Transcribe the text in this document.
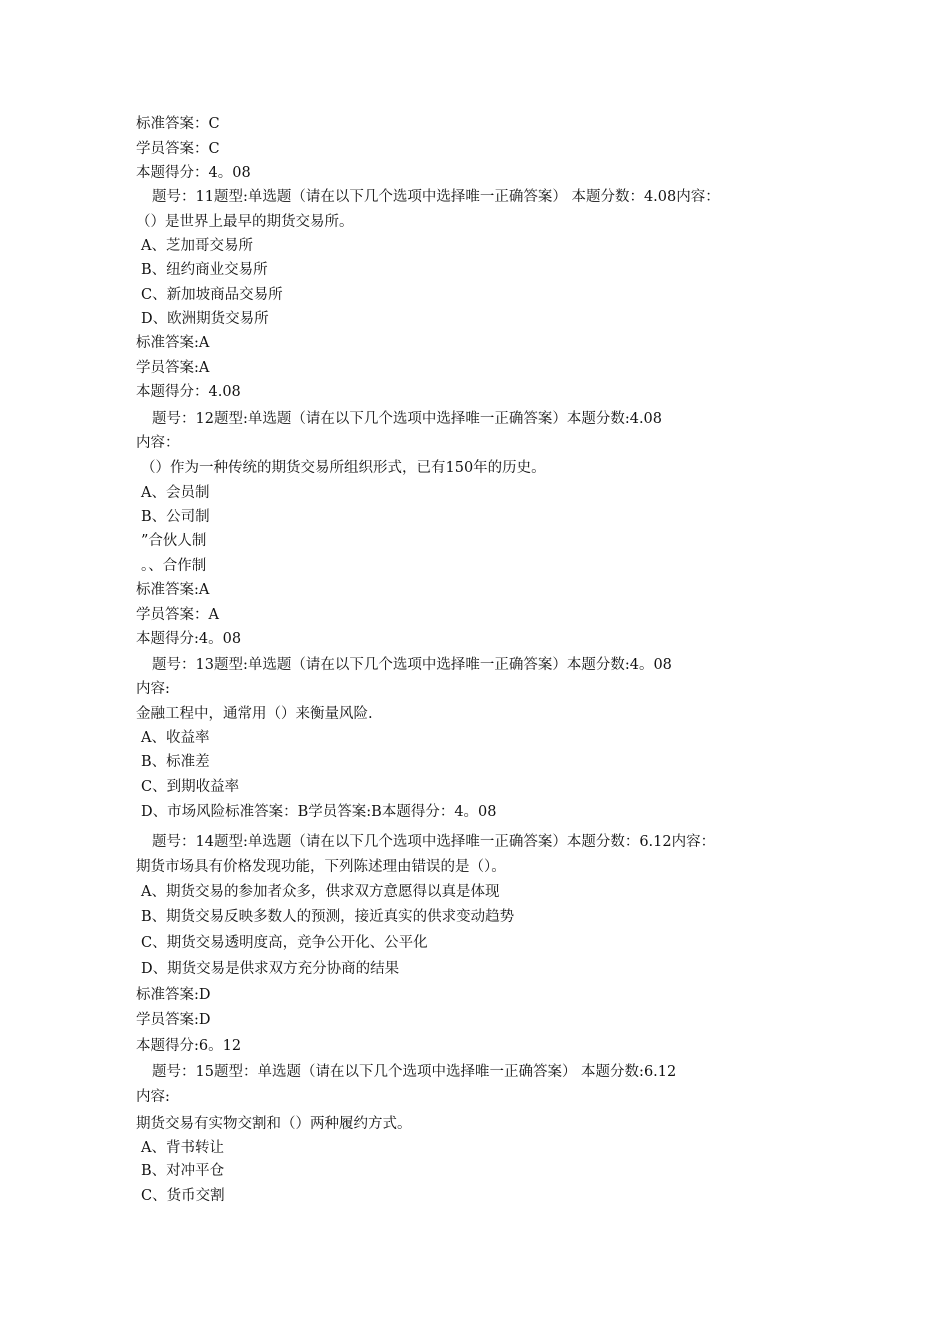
标准答案：C
学员答案：C
本题得分：4。08
题号：11题型:单选题（请在以下几个选项中选择唯一正确答案） 本题分数：4.08内容：
（）是世界上最早的期货交易所。
A、芝加哥交易所
B、纽约商业交易所
C、新加坡商品交易所
D、欧洲期货交易所
标准答案:A
学员答案:A
本题得分：4.08
题号：12题型:单选题（请在以下几个选项中选择唯一正确答案）本题分数:4.08
内容：
（）作为一种传统的期货交易所组织形式，已有150年的历史。
A、会员制
B、公司制
”合伙人制
。、合作制
标准答案:A
学员答案：A
本题得分:4。08
题号：13题型:单选题（请在以下几个选项中选择唯一正确答案）本题分数:4。08
内容:
金融工程中，通常用（）来衡量风险.
A、收益率
B、标准差
C、到期收益率
D、市场风险标准答案：B学员答案:B本题得分：4。08
题号：14题型:单选题（请在以下几个选项中选择唯一正确答案）本题分数：6.12内容：
期货市场具有价格发现功能，下列陈述理由错误的是（）。
A、期货交易的参加者众多，供求双方意愿得以真是体现
B、期货交易反映多数人的预测，接近真实的供求变动趋势
C、期货交易透明度高，竞争公开化、公平化
D、期货交易是供求双方充分协商的结果
标准答案:D
学员答案:D
本题得分:6。12
题号：15题型：单选题（请在以下几个选项中选择唯一正确答案） 本题分数:6.12
内容:
期货交易有实物交割和（）两种履约方式。
A、背书转让
B、对冲平仓
C、货币交割
